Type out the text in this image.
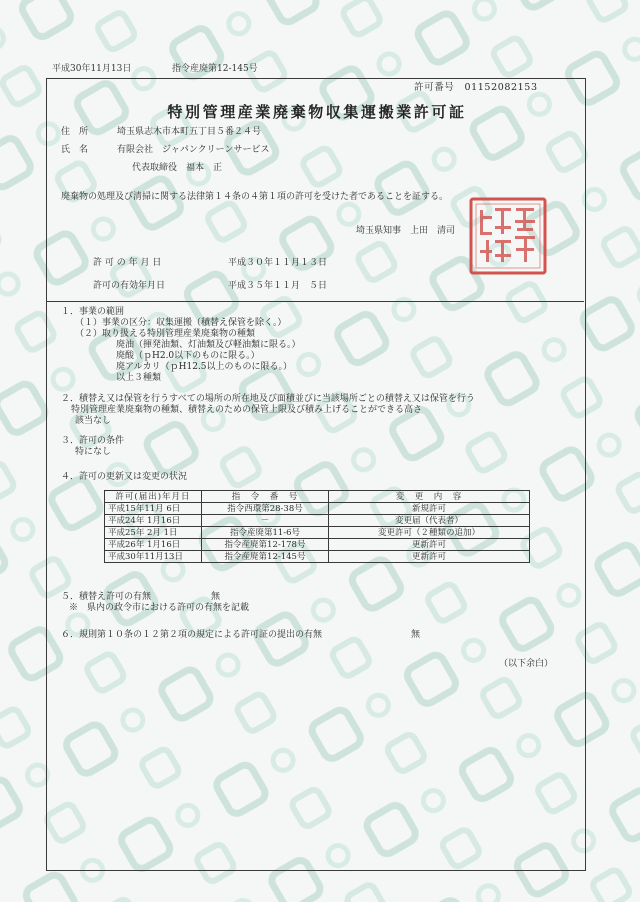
平成30年11月13日	指令産廃第12-145号
許可番号　01152082153
特別管理産業廃棄物収集運搬業許可証
住　所	埼玉県志木市本町五丁目５番２４号
氏　名	有限会社　ジャパンクリーンサービス
代表取締役　福本　正
廃棄物の処理及び清掃に関する法律第１４条の４第１項の許可を受けた者であることを証する。
埼玉県知事　上田　清司
許 可 の 年 月 日	平成３０年１１月１３日
許可の有効年月日	平成３５年１１月　５日
１．事業の範囲
（１）事業の区分：収集運搬（積替え保管を除く。）
（２）取り扱える特別管理産業廃棄物の種類
廃油（揮発油類、灯油類及び軽油類に限る。）
廃酸（ｐH2.0以下のものに限る。）
廃アルカリ（ｐH12.5以上のものに限る。）
以上３種類
２．積替え又は保管を行うすべての場所の所在地及び面積並びに当該場所ごとの積替え又は保管を行う
特別管理産業廃棄物の種類、積替えのための保管上限及び積み上げることができる高さ
該当なし
３．許可の条件
特になし
４．許可の更新又は変更の状況
許可(届出)年月日	指　令　番　号	変　更　内　容
平成15年11月 6日	指令西環第28-38号	新規許可
平成24年 1月16日	－	変更届（代表者）
平成25年 2月 1日	指令産廃第11-6号	変更許可（２種類の追加）
平成26年 1月16日	指令産廃第12-178号	更新許可
平成30年11月13日	指令産廃第12-145号	更新許可
５．積替え許可の有無	無
※　県内の政令市における許可の有無を記載
６．規則第１０条の１２第２項の規定による許可証の提出の有無	無
（以下余白）
